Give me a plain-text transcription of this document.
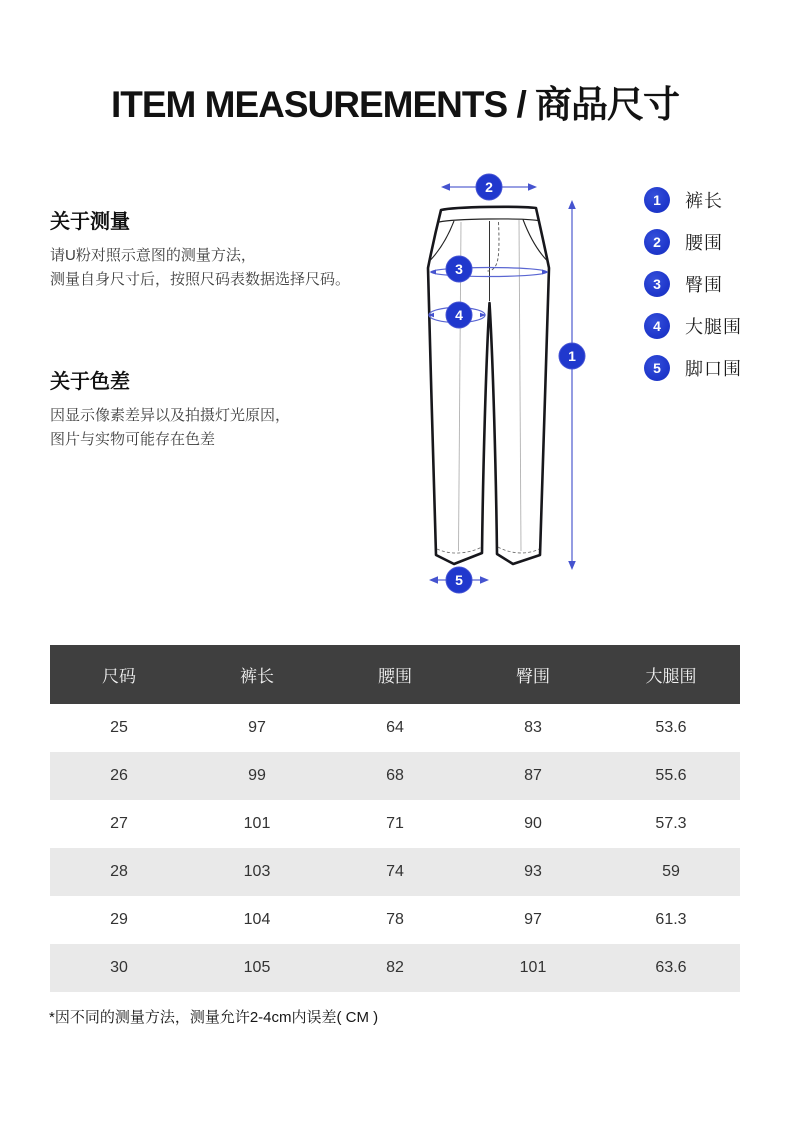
ITEM MEASUREMENTS / 商品尺寸
关于测量

请U粉对照示意图的测量方法，

测量自身尺寸后，按照尺码表数据选择尺码。

关于色差

因显示像素差异以及拍摄灯光原因，

图片与实物可能存在色差

1
2
3
4
5
1	裤长
2	腰围
3	臀围
4	大腿围
5	脚口围
尺码	裤长	腰围	臀围	大腿围
25	97	64	83	53.6
26	99	68	87	55.6
27	101	71	90	57.3
28	103	74	93	59
29	104	78	97	61.3
30	105	82	101	63.6
*因不同的测量方法，测量允许2-4cm内误差( CM )
